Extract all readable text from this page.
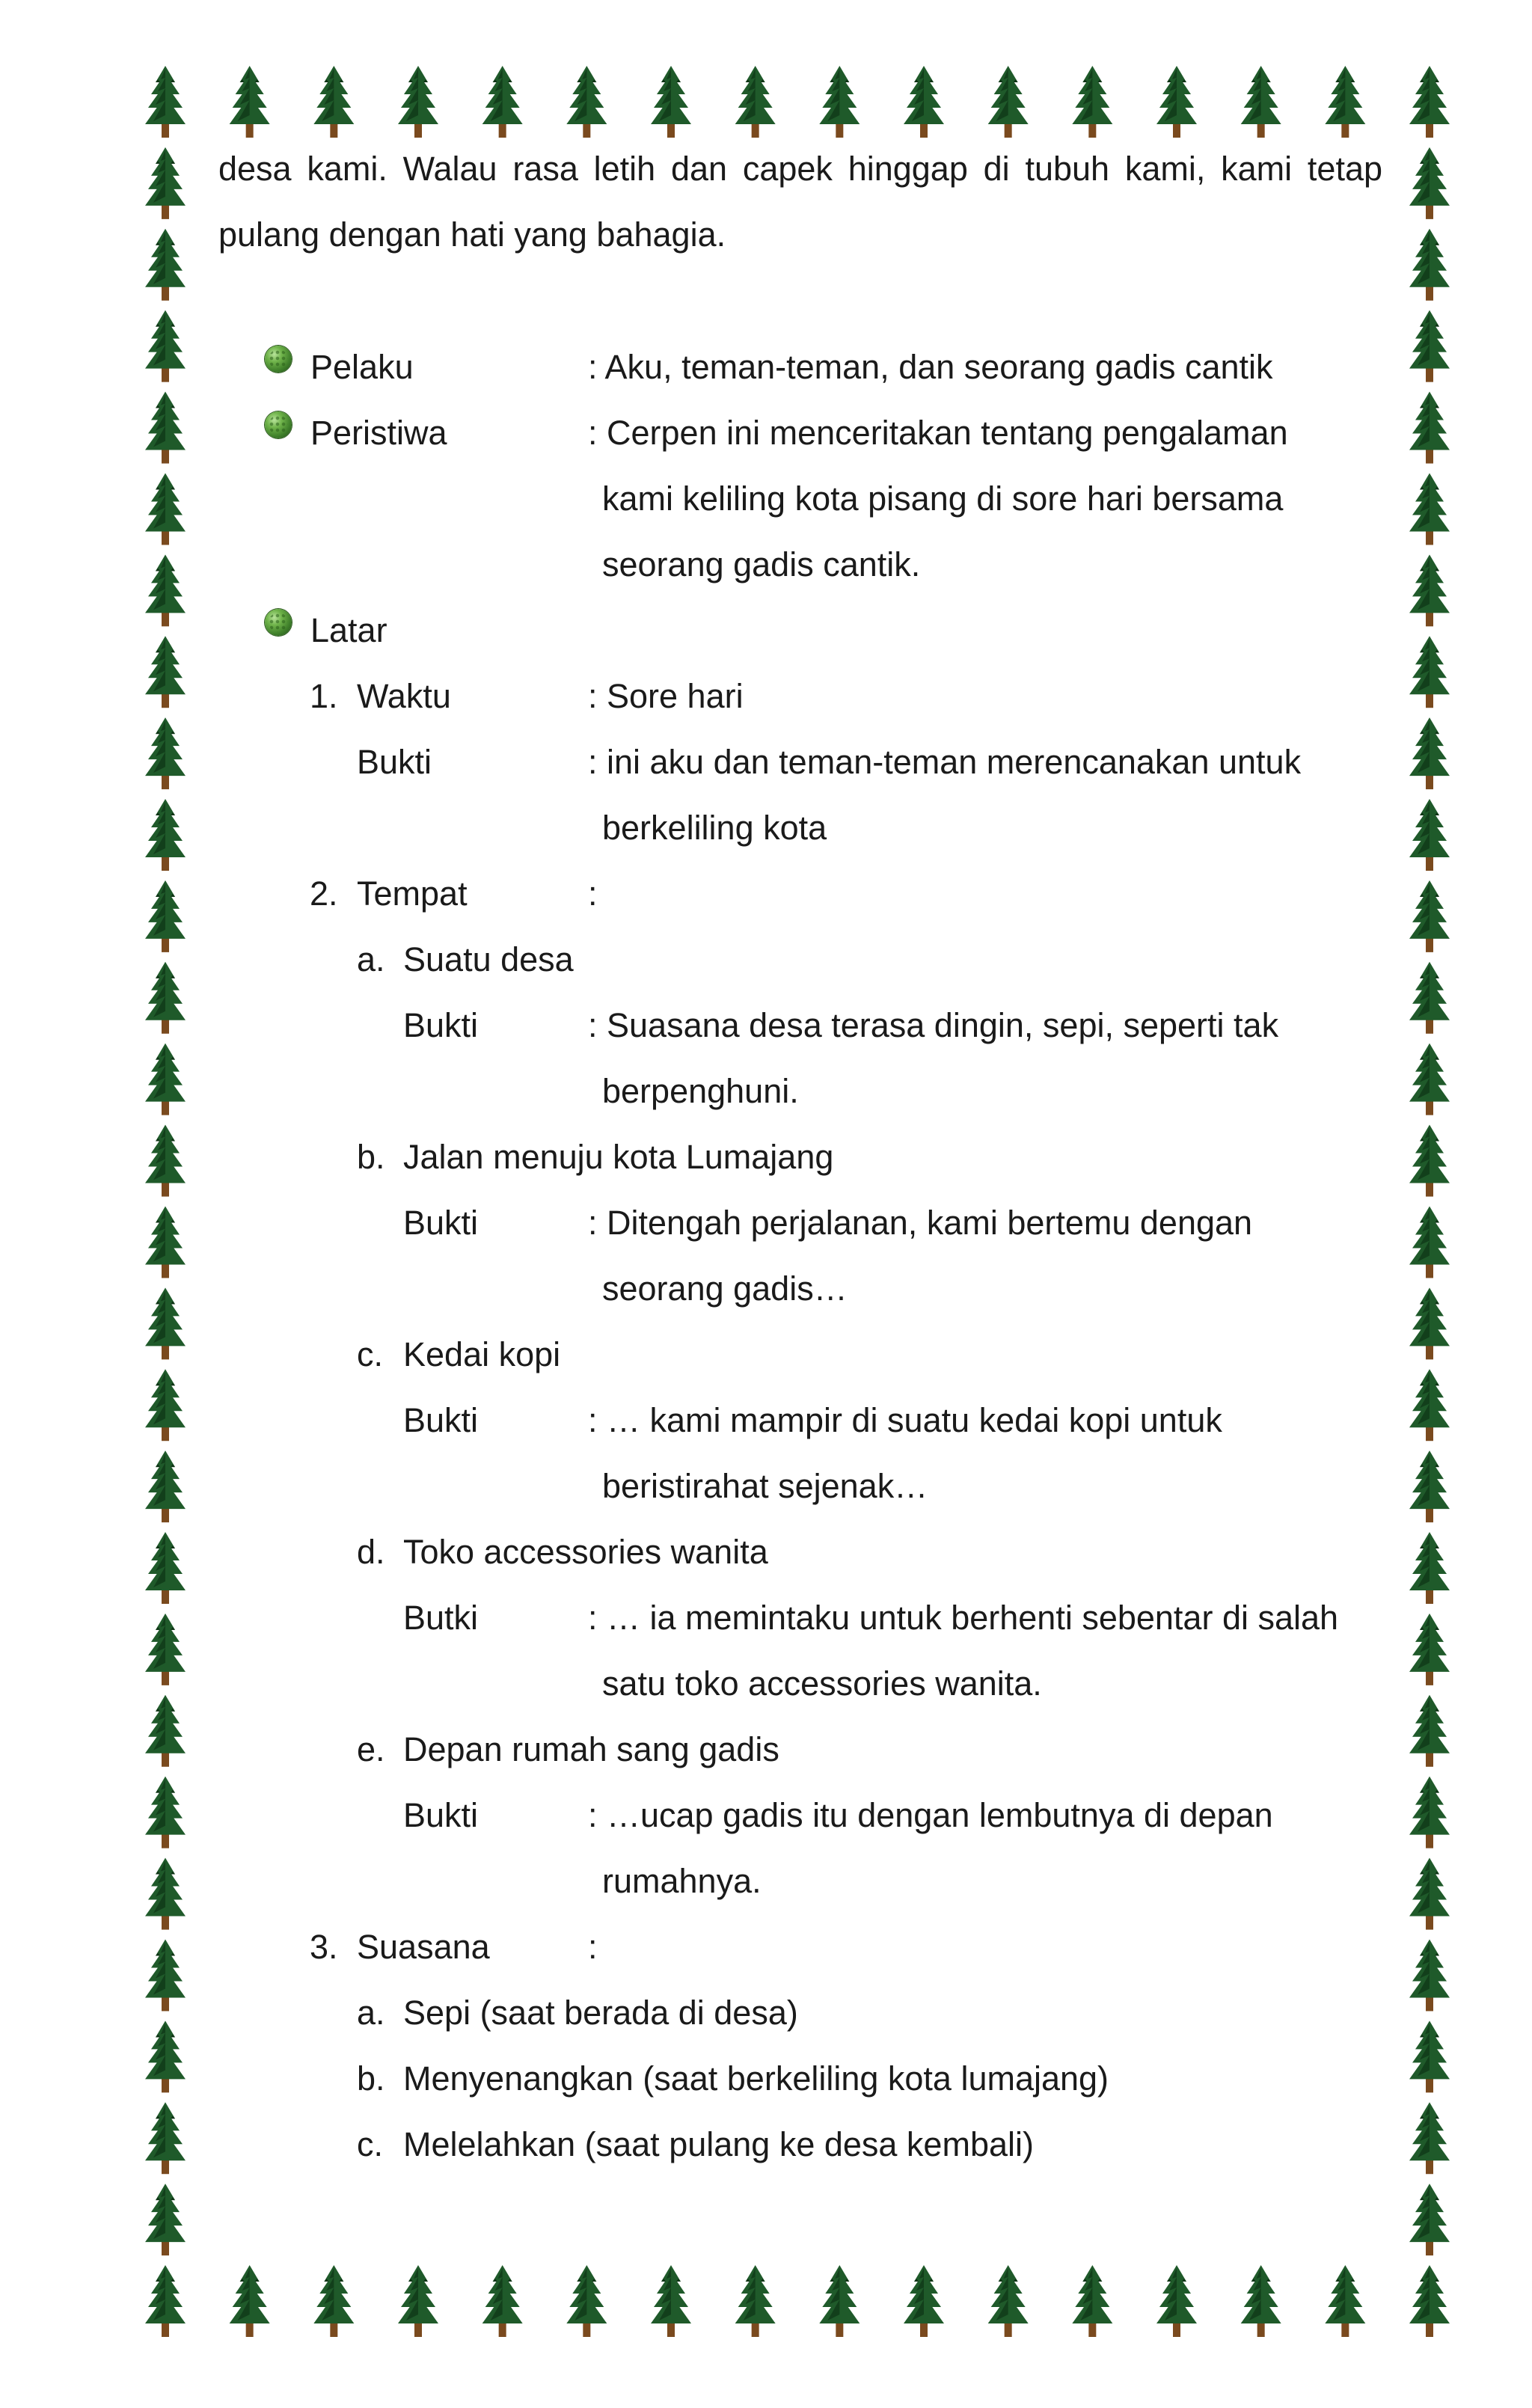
desa kami. Walau rasa letih dan capek hinggap di tubuh kami, kami tetap
pulang dengan hati yang bahagia.
Pelaku	: Aku, teman-teman, dan seorang gadis cantik
Peristiwa	: Cerpen ini menceritakan tentang pengalaman
kami keliling kota pisang di sore hari bersama
seorang gadis cantik.
Latar
1. Waktu	: Sore hari
Bukti	: ini aku dan teman-teman merencanakan untuk
berkeliling kota
2. Tempat	:
a. Suatu desa
Bukti	: Suasana desa terasa dingin, sepi, seperti tak
berpenghuni.
b. Jalan menuju kota Lumajang
Bukti	: Ditengah perjalanan, kami bertemu dengan
seorang gadis…
c. Kedai kopi
Bukti	: … kami mampir di suatu kedai kopi untuk
beristirahat sejenak…
d. Toko accessories wanita
Butki	: … ia memintaku untuk berhenti sebentar di salah
satu toko accessories wanita.
e. Depan rumah sang gadis
Bukti	: …ucap gadis itu dengan lembutnya di depan
rumahnya.
3. Suasana	:
a. Sepi (saat berada di desa)
b. Menyenangkan (saat berkeliling kota lumajang)
c. Melelahkan (saat pulang ke desa kembali)
